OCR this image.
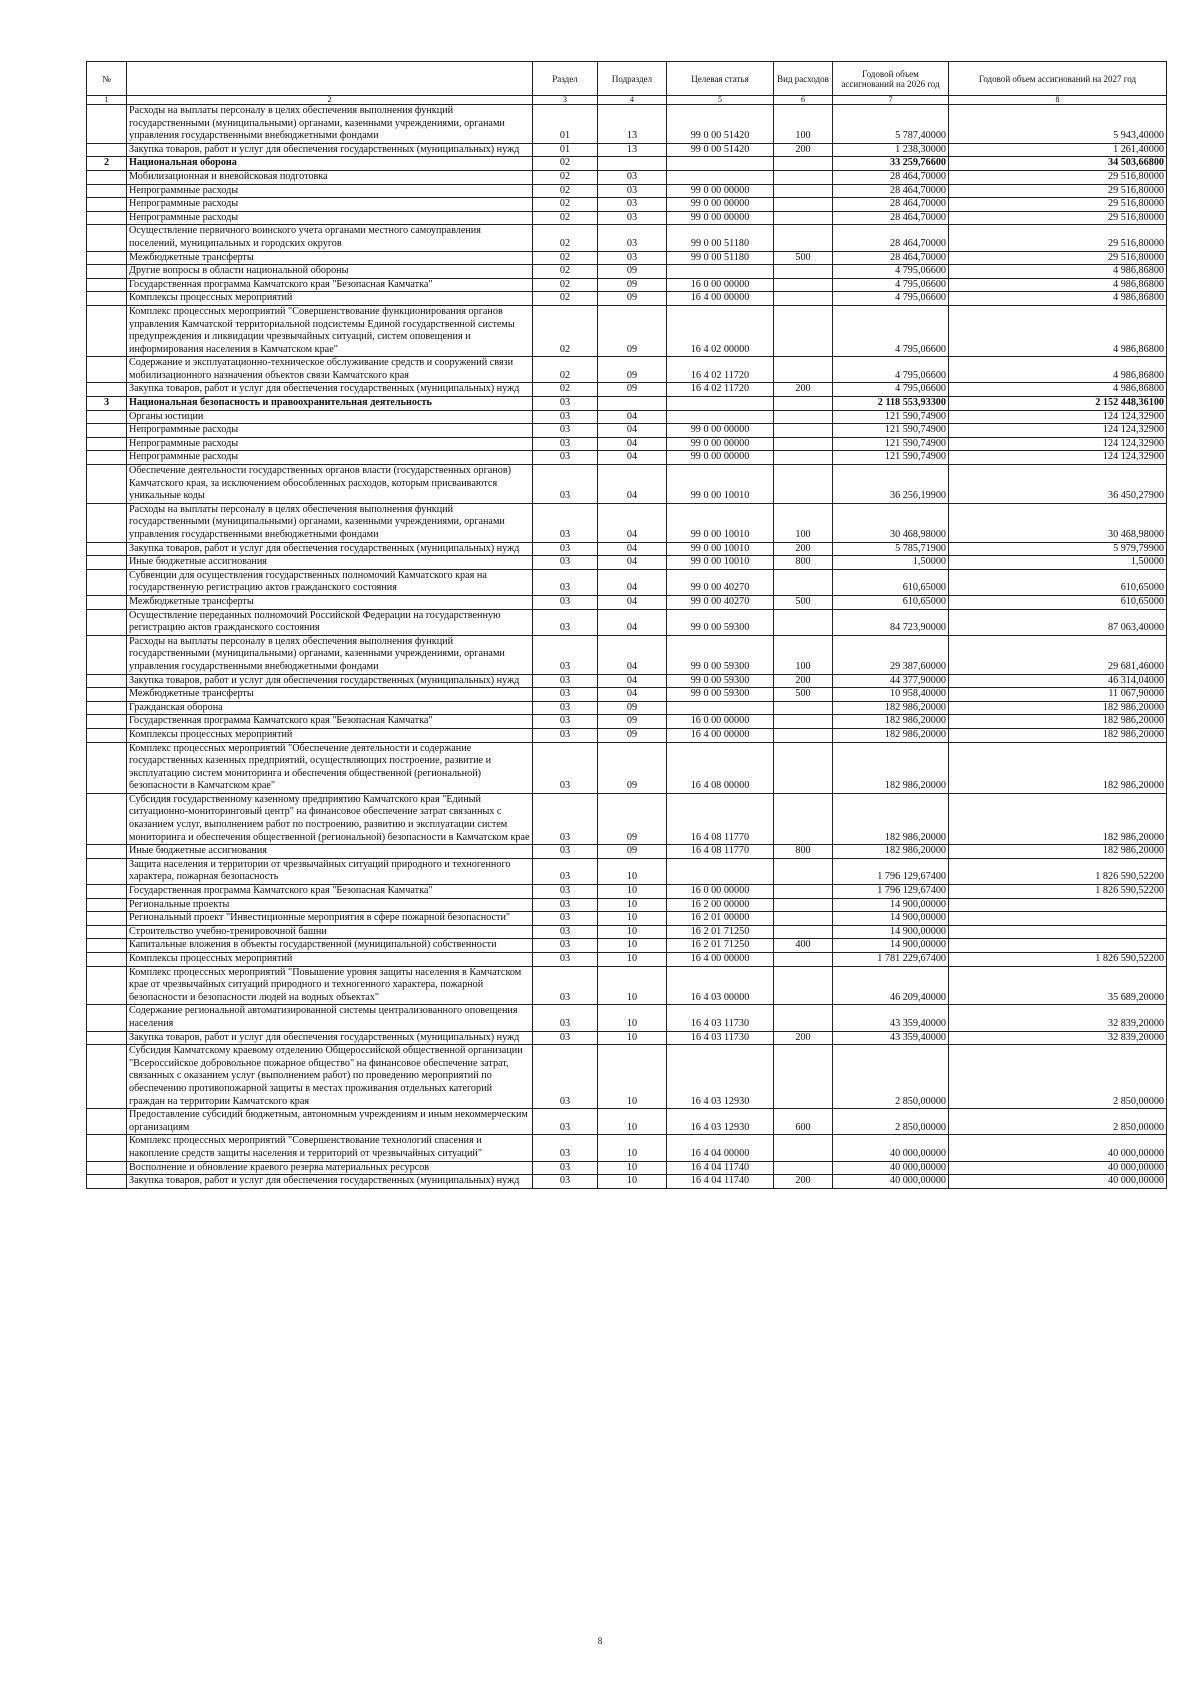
№		Раздел	Подраздел	Целевая статья	Вид расходов	Годовой объем ассигнований на 2026 год	Годовой объем ассигнований на 2027 год
1	2	3	4	5	6	7	8
	Расходы на выплаты персоналу в целях обеспечения выполнения функций государственными (муниципальными) органами, казенными учреждениями, органами управления государственными внебюджетными фондами	01	13	99 0 00 51420	100	5 787,40000	5 943,40000
	Закупка товаров, работ и услуг для обеспечения государственных (муниципальных) нужд	01	13	99 0 00 51420	200	1 238,30000	1 261,40000
2	Национальная оборона	02				33 259,76600	34 503,66800
	Мобилизационная и вневойсковая подготовка	02	03			28 464,70000	29 516,80000
	Непрограммные расходы	02	03	99 0 00 00000		28 464,70000	29 516,80000
	Непрограммные расходы	02	03	99 0 00 00000		28 464,70000	29 516,80000
	Непрограммные расходы	02	03	99 0 00 00000		28 464,70000	29 516,80000
	Осуществление первичного воинского учета органами местного самоуправления поселений, муниципальных и городских округов	02	03	99 0 00 51180		28 464,70000	29 516,80000
	Межбюджетные трансферты	02	03	99 0 00 51180	500	28 464,70000	29 516,80000
	Другие вопросы в области национальной обороны	02	09			4 795,06600	4 986,86800
	Государственная программа Камчатского края "Безопасная Камчатка"	02	09	16 0 00 00000		4 795,06600	4 986,86800
	Комплексы процессных мероприятий	02	09	16 4 00 00000		4 795,06600	4 986,86800
	Комплекс процессных мероприятий "Совершенствование функционирования органов управления Камчатской территориальной подсистемы Единой государственной системы предупреждения и ликвидации чрезвычайных ситуаций, систем оповещения и информирования населения в Камчатском крае"	02	09	16 4 02 00000		4 795,06600	4 986,86800
	Содержание и эксплуатационно-техническое обслуживание средств и сооружений связи мобилизационного назначения объектов связи Камчатского края	02	09	16 4 02 11720		4 795,06600	4 986,86800
	Закупка товаров, работ и услуг для обеспечения государственных (муниципальных) нужд	02	09	16 4 02 11720	200	4 795,06600	4 986,86800
3	Национальная безопасность и правоохранительная деятельность	03				2 118 553,93300	2 152 448,36100
	Органы юстиции	03	04			121 590,74900	124 124,32900
	Непрограммные расходы	03	04	99 0 00 00000		121 590,74900	124 124,32900
	Непрограммные расходы	03	04	99 0 00 00000		121 590,74900	124 124,32900
	Непрограммные расходы	03	04	99 0 00 00000		121 590,74900	124 124,32900
	Обеспечение деятельности государственных органов власти (государственных органов) Камчатского края, за исключением обособленных расходов, которым присваиваются уникальные коды	03	04	99 0 00 10010		36 256,19900	36 450,27900
	Расходы на выплаты персоналу в целях обеспечения выполнения функций государственными (муниципальными) органами, казенными учреждениями, органами управления государственными внебюджетными фондами	03	04	99 0 00 10010	100	30 468,98000	30 468,98000
	Закупка товаров, работ и услуг для обеспечения государственных (муниципальных) нужд	03	04	99 0 00 10010	200	5 785,71900	5 979,79900
	Иные бюджетные ассигнования	03	04	99 0 00 10010	800	1,50000	1,50000
	Субвенции для осуществления государственных полномочий Камчатского края на государственную регистрацию актов гражданского состояния	03	04	99 0 00 40270		610,65000	610,65000
	Межбюджетные трансферты	03	04	99 0 00 40270	500	610,65000	610,65000
	Осуществление переданных полномочий Российской Федерации на государственную регистрацию актов гражданского состояния	03	04	99 0 00 59300		84 723,90000	87 063,40000
	Расходы на выплаты персоналу в целях обеспечения выполнения функций государственными (муниципальными) органами, казенными учреждениями, органами управления государственными внебюджетными фондами	03	04	99 0 00 59300	100	29 387,60000	29 681,46000
	Закупка товаров, работ и услуг для обеспечения государственных (муниципальных) нужд	03	04	99 0 00 59300	200	44 377,90000	46 314,04000
	Межбюджетные трансферты	03	04	99 0 00 59300	500	10 958,40000	11 067,90000
	Гражданская оборона	03	09			182 986,20000	182 986,20000
	Государственная программа Камчатского края "Безопасная Камчатка"	03	09	16 0 00 00000		182 986,20000	182 986,20000
	Комплексы процессных мероприятий	03	09	16 4 00 00000		182 986,20000	182 986,20000
	Комплекс процессных мероприятий "Обеспечение деятельности и содержание государственных казенных предприятий, осуществляющих построение, развитие и эксплуатацию систем мониторинга и обеспечения общественной (региональной) безопасности в Камчатском крае"	03	09	16 4 08 00000		182 986,20000	182 986,20000
	Субсидия государственному казенному предприятию Камчатского края "Единый ситуационно-мониторинговый центр" на финансовое обеспечение затрат связанных с оказанием услуг, выполнением работ по построению, развитию и эксплуатации систем мониторинга и обеспечения общественной (региональной) безопасности в Камчатском крае	03	09	16 4 08 11770		182 986,20000	182 986,20000
	Иные бюджетные ассигнования	03	09	16 4 08 11770	800	182 986,20000	182 986,20000
	Защита населения и территории от чрезвычайных ситуаций природного и техногенного характера, пожарная безопасность	03	10			1 796 129,67400	1 826 590,52200
	Государственная программа Камчатского края "Безопасная Камчатка"	03	10	16 0 00 00000		1 796 129,67400	1 826 590,52200
	Региональные проекты	03	10	16 2 00 00000		14 900,00000	
	Региональный проект "Инвестиционные мероприятия в сфере пожарной безопасности"	03	10	16 2 01 00000		14 900,00000	
	Строительство учебно-тренировочной башни	03	10	16 2 01 71250		14 900,00000	
	Капитальные вложения в объекты государственной (муниципальной) собственности	03	10	16 2 01 71250	400	14 900,00000	
	Комплексы процессных мероприятий	03	10	16 4 00 00000		1 781 229,67400	1 826 590,52200
	Комплекс процессных мероприятий "Повышение уровня защиты населения в Камчатском крае от чрезвычайных ситуаций природного и техногенного характера, пожарной безопасности и безопасности людей на водных объектах"	03	10	16 4 03 00000		46 209,40000	35 689,20000
	Содержание региональной автоматизированной системы централизованного оповещения населения	03	10	16 4 03 11730		43 359,40000	32 839,20000
	Закупка товаров, работ и услуг для обеспечения государственных (муниципальных) нужд	03	10	16 4 03 11730	200	43 359,40000	32 839,20000
	Субсидия Камчатскому краевому отделению Общероссийской общественной организации "Всероссийское добровольное пожарное общество" на финансовое обеспечение затрат, связанных с оказанием услуг (выполнением работ) по проведению мероприятий по обеспечению противопожарной защиты в местах проживания отдельных категорий граждан на территории Камчатского края	03	10	16 4 03 12930		2 850,00000	2 850,00000
	Предоставление субсидий бюджетным, автономным учреждениям и иным некоммерческим организациям	03	10	16 4 03 12930	600	2 850,00000	2 850,00000
	Комплекс процессных мероприятий "Совершенствование технологий спасения и накопление средств защиты населения и территорий от чрезвычайных ситуаций"	03	10	16 4 04 00000		40 000,00000	40 000,00000
	Восполнение и обновление краевого резерва материальных ресурсов	03	10	16 4 04 11740		40 000,00000	40 000,00000
	Закупка товаров, работ и услуг для обеспечения государственных (муниципальных) нужд	03	10	16 4 04 11740	200	40 000,00000	40 000,00000
8
